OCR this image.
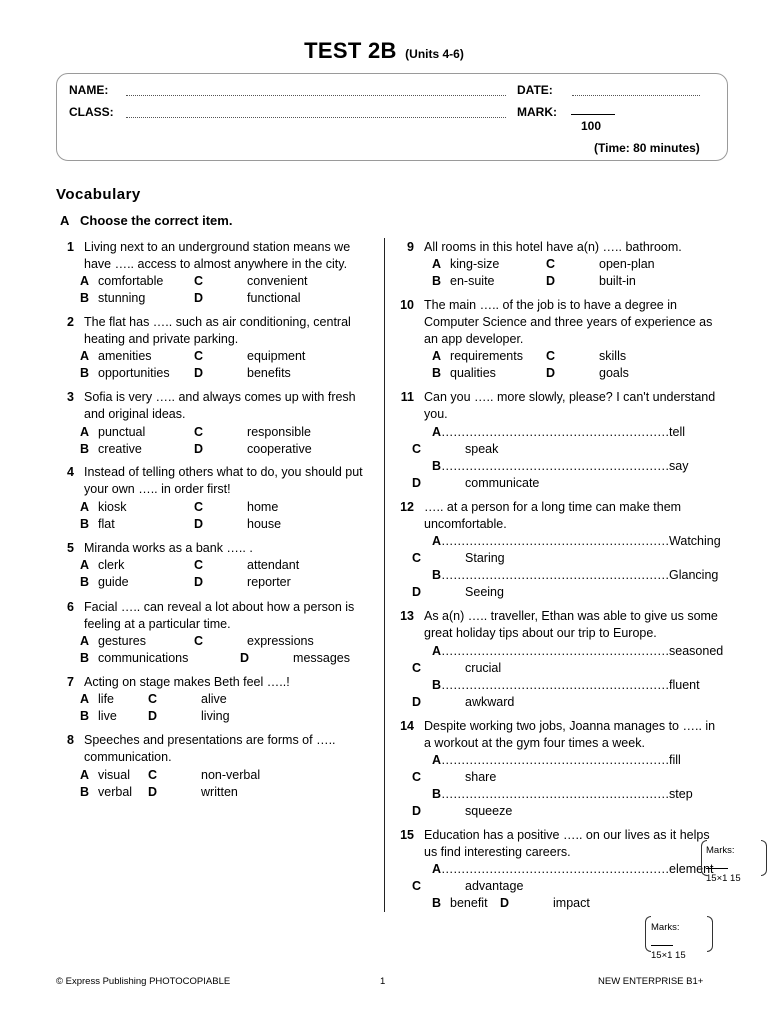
TEST 2B (Units 4-6)
NAME:	DATE:
CLASS:	MARK:
100
(Time: 80 minutes)
Vocabulary
A Choose the correct item.
1 Living next to an underground station means we have ….. access to almost anywhere in the city.
A comfortable C	convenient
B stunning	D	functional
2 The flat has ….. such as air conditioning, central heating and private parking.
A amenities	C	equipment
B opportunities D	benefits
3 Sofia is very ….. and always comes up with fresh and original ideas.
A punctual	C	responsible
B creative	D	cooperative
4 Instead of telling others what to do, you should put your own ….. in order first!
A kiosk	C	home
B flat	D	house
5 Miranda works as a bank ….. .
A clerk	C	attendant
B guide	D	reporter
6 Facial ….. can reveal a lot about how a person is feeling at a particular time.
A gestures	C	expressions
B communications	D	messages
7 Acting on stage makes Beth feel …..!
A life	C	alive
B live D	living
8 Speeches and presentations are forms of ….. communication.
A visual C	non-verbal
B verbal D	written
9 All rooms in this hotel have a(n) ….. bathroom.
A king-size	C	open-plan
B en-suite	D	built-in
10 The main ….. of the job is to have a degree in Computer Science and three years of experience as an app developer.
A requirements C	skills
B qualities	D	goals
11 Can you ….. more slowly, please? I can't understand you.
A…………………………………………………tell
C	speak
B…………………………………………………say
D	communicate
12 ….. at a person for a long time can make them uncomfortable.
A…………………………………………………Watching
C	Staring
B…………………………………………………Glancing
D	Seeing
13 As a(n) ….. traveller, Ethan was able to give us some great holiday tips about our trip to Europe.
A…………………………………………………seasoned
C	crucial
B…………………………………………………fluent
D	awkward
14 Despite working two jobs, Joanna manages to ….. in a workout at the gym four times a week.
A…………………………………………………fill
C	share
B…………………………………………………step
D	squeeze
15 Education has a positive ….. on our lives as it helps us find interesting careers.
A…………………………………………………element
C	advantage
B benefit D	impact
Marks:
15×1 15
Marks:
15×1 15
© Express Publishing PHOTOCOPIABLE	1	NEW ENTERPRISE B1+
